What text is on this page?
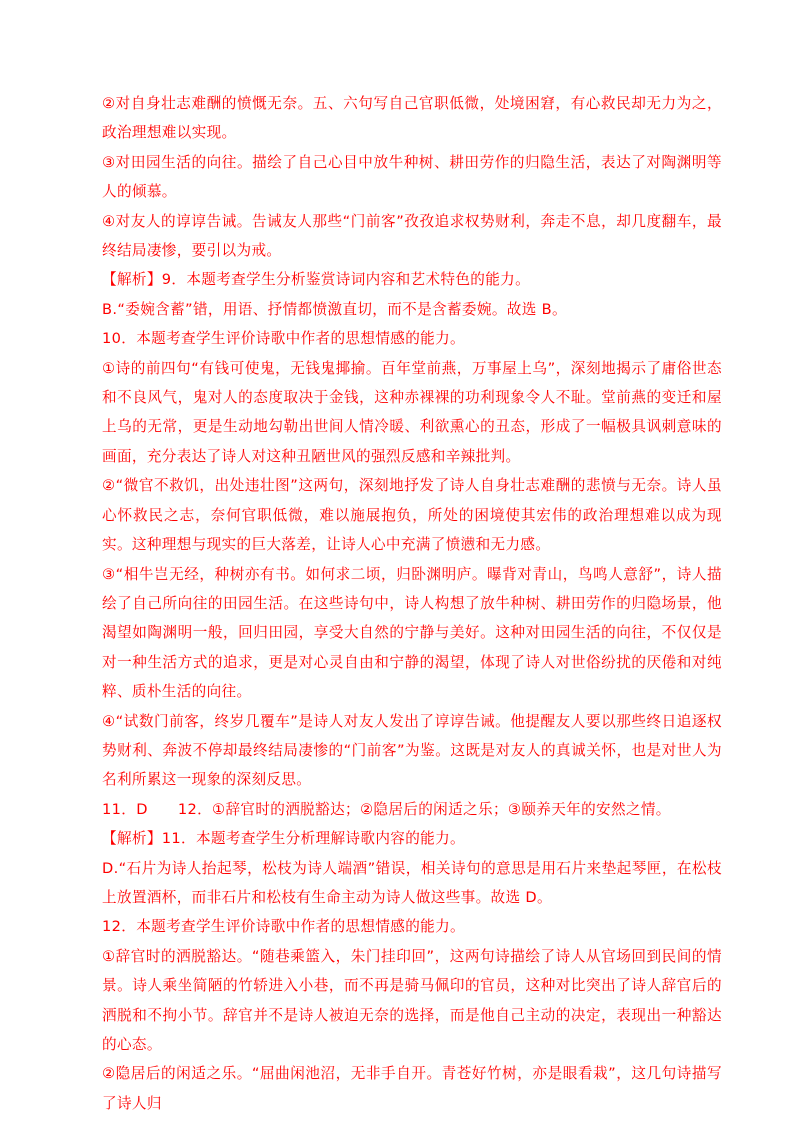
②对自身壮志难酬的愤慨无奈。五、六句写自己官职低微，处境困窘，有心救民却无力为之，政治理想难以实现。

③对田园生活的向往。描绘了自己心目中放牛种树、耕田劳作的归隐生活，表达了对陶渊明等人的倾慕。

④对友人的谆谆告诫。告诫友人那些“门前客”孜孜追求权势财利，奔走不息，却几度翻车，最终结局凄惨，要引以为戒。

【解析】9．本题考查学生分析鉴赏诗词内容和艺术特色的能力。

B.“委婉含蓄”错，用语、抒情都愤激直切，而不是含蓄委婉。故选 B。

10．本题考查学生评价诗歌中作者的思想情感的能力。

①诗的前四句“有钱可使鬼，无钱鬼揶揄。百年堂前燕，万事屋上乌”，深刻地揭示了庸俗世态和不良风气，鬼对人的态度取决于金钱，这种赤裸裸的功利现象令人不耻。堂前燕的变迁和屋上乌的无常，更是生动地勾勒出世间人情冷暖、利欲熏心的丑态，形成了一幅极具讽刺意味的画面，充分表达了诗人对这种丑陋世风的强烈反感和辛辣批判。

②“微官不救饥，出处违壮图”这两句，深刻地抒发了诗人自身壮志难酬的悲愤与无奈。诗人虽心怀救民之志，奈何官职低微，难以施展抱负，所处的困境使其宏伟的政治理想难以成为现实。这种理想与现实的巨大落差，让诗人心中充满了愤懑和无力感。

③“相牛岂无经，种树亦有书。如何求二顷，归卧渊明庐。曝背对青山，鸟鸣人意舒”，诗人描绘了自己所向往的田园生活。在这些诗句中，诗人构想了放牛种树、耕田劳作的归隐场景，他渴望如陶渊明一般，回归田园，享受大自然的宁静与美好。这种对田园生活的向往，不仅仅是对一种生活方式的追求，更是对心灵自由和宁静的渴望，体现了诗人对世俗纷扰的厌倦和对纯粹、质朴生活的向往。

④“试数门前客，终岁几覆车”是诗人对友人发出了谆谆告诫。他提醒友人要以那些终日追逐权势财利、奔波不停却最终结局凄惨的“门前客”为鉴。这既是对友人的真诚关怀，也是对世人为名利所累这一现象的深刻反思。

11．D 12．①辞官时的洒脱豁达；②隐居后的闲适之乐；③颐养天年的安然之情。

【解析】11．本题考查学生分析理解诗歌内容的能力。

D.“石片为诗人抬起琴，松枝为诗人端酒”错误，相关诗句的意思是用石片来垫起琴匣，在松枝上放置酒杯，而非石片和松枝有生命主动为诗人做这些事。故选 D。

12．本题考查学生评价诗歌中作者的思想情感的能力。

①辞官时的洒脱豁达。“随巷乘篮入，朱门挂印回”，这两句诗描绘了诗人从官场回到民间的情景。诗人乘坐简陋的竹轿进入小巷，而不再是骑马佩印的官员，这种对比突出了诗人辞官后的洒脱和不拘小节。辞官并不是诗人被迫无奈的选择，而是他自己主动的决定，表现出一种豁达的心态。

②隐居后的闲适之乐。“屈曲闲池沼，无非手自开。青苍好竹树，亦是眼看栽”，这几句诗描写了诗人归
